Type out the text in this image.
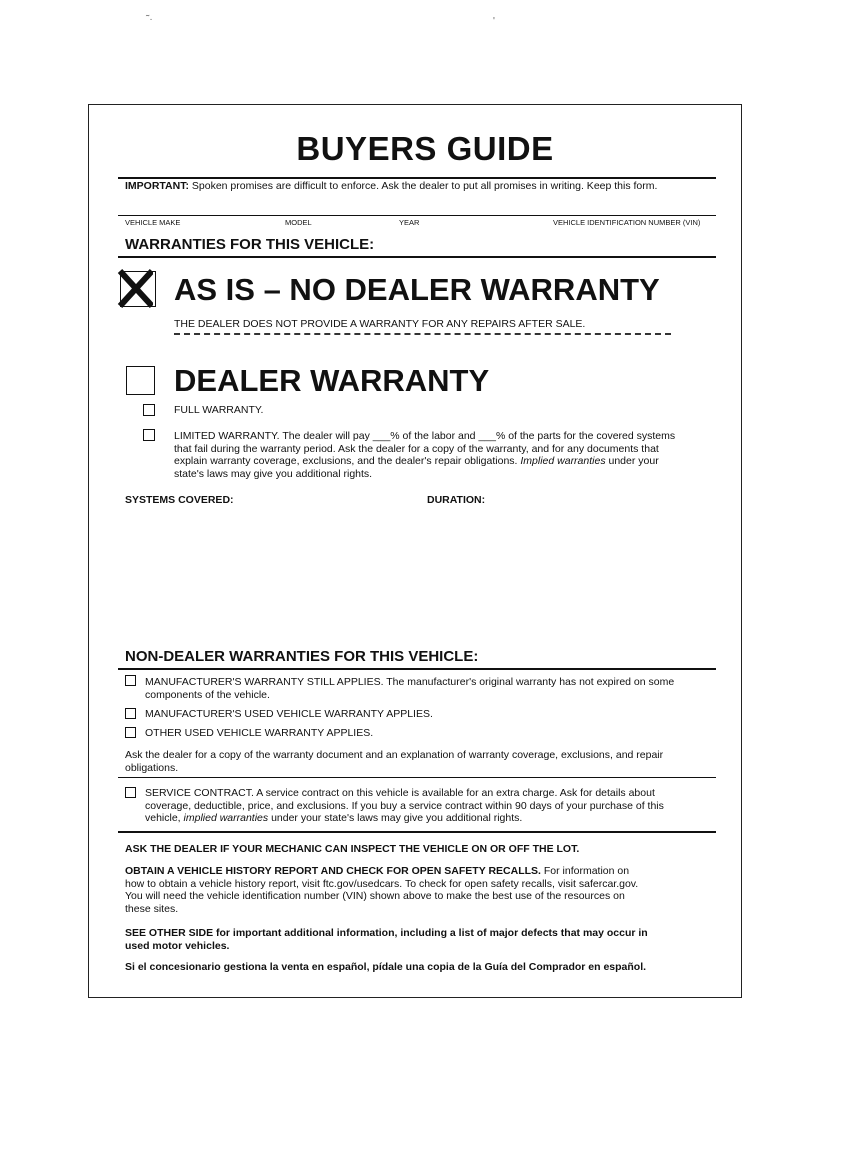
˜·	'
BUYERS GUIDE
IMPORTANT: Spoken promises are difficult to enforce. Ask the dealer to put all promises in writing. Keep this form.
VEHICLE MAKE	MODEL	YEAR	VEHICLE IDENTIFICATION NUMBER (VIN)
WARRANTIES FOR THIS VEHICLE:
AS IS – NO DEALER WARRANTY
THE DEALER DOES NOT PROVIDE A WARRANTY FOR ANY REPAIRS AFTER SALE.
DEALER WARRANTY
FULL WARRANTY.
LIMITED WARRANTY. The dealer will pay ___% of the labor and ___% of the parts for the covered systems
that fail during the warranty period. Ask the dealer for a copy of the warranty, and for any documents that
explain warranty coverage, exclusions, and the dealer's repair obligations. Implied warranties under your
state's laws may give you additional rights.
SYSTEMS COVERED:	DURATION:
NON-DEALER WARRANTIES FOR THIS VEHICLE:
MANUFACTURER'S WARRANTY STILL APPLIES. The manufacturer's original warranty has not expired on some
components of the vehicle.
MANUFACTURER'S USED VEHICLE WARRANTY APPLIES.
OTHER USED VEHICLE WARRANTY APPLIES.
Ask the dealer for a copy of the warranty document and an explanation of warranty coverage, exclusions, and repair
obligations.
SERVICE CONTRACT. A service contract on this vehicle is available for an extra charge. Ask for details about
coverage, deductible, price, and exclusions. If you buy a service contract within 90 days of your purchase of this
vehicle, implied warranties under your state's laws may give you additional rights.
ASK THE DEALER IF YOUR MECHANIC CAN INSPECT THE VEHICLE ON OR OFF THE LOT.
OBTAIN A VEHICLE HISTORY REPORT AND CHECK FOR OPEN SAFETY RECALLS. For information on
how to obtain a vehicle history report, visit ftc.gov/usedcars. To check for open safety recalls, visit safercar.gov.
You will need the vehicle identification number (VIN) shown above to make the best use of the resources on
these sites.
SEE OTHER SIDE for important additional information, including a list of major defects that may occur in
used motor vehicles.
Si el concesionario gestiona la venta en español, pídale una copia de la Guía del Comprador en español.
